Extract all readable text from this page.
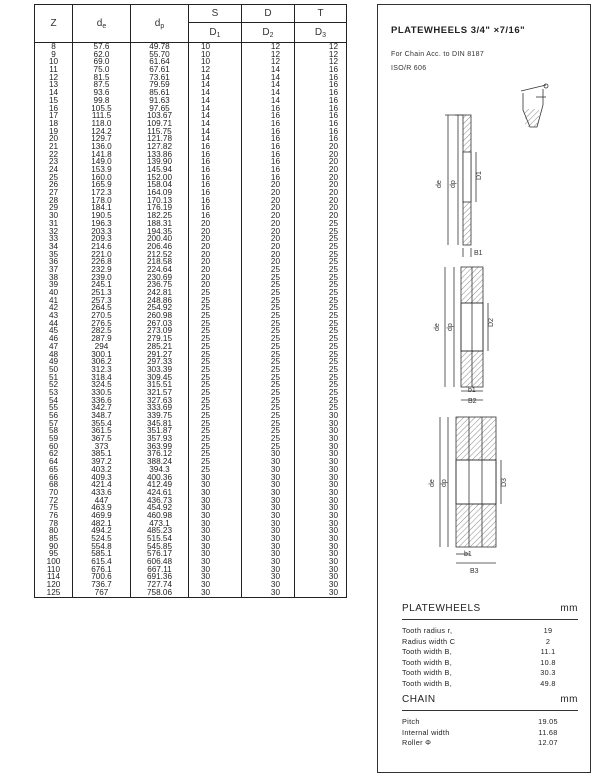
Z	$d_e$	$d_p$	S	D	T
			$D_1$	$D_2$	$D_3$
8	57.6	49.78	10	12	12
9	62.0	55.70	10	12	12
10	69.0	61.64	10	12	12
11	75.0	67.61	12	14	16
12	81.5	73.61	14	14	16
13	87.5	79.59	14	14	16
14	93.6	85.61	14	14	16
15	99.8	91.63	14	14	16
16	105.5	97.65	14	16	16
17	111.5	103.67	14	16	16
18	118.0	109.71	14	16	16
19	124.2	115.75	14	16	16
20	129.7	121.78	14	16	16
21	136.0	127.82	16	16	20
22	141.8	133.86	16	16	20
23	149.0	139.90	16	16	20
24	153.9	145.94	16	16	20
25	160.0	152.00	16	16	20
26	165.9	158.04	16	20	20
27	172.3	164.09	16	20	20
28	178.0	170.13	16	20	20
29	184.1	176.19	16	20	20
30	190.5	182.25	16	20	20
31	196.3	188.31	20	20	25
32	203.3	194.35	20	20	25
33	209.3	200.40	20	20	25
34	214.6	206.46	20	20	25
35	221.0	212.52	20	20	25
36	226.8	218.58	20	20	25
37	232.9	224.64	20	25	25
38	239.0	230.69	20	25	25
39	245.1	236.75	20	25	25
40	251.3	242.81	25	25	25
41	257.3	248.86	25	25	25
42	264.5	254.92	25	25	25
43	270.5	260.98	25	25	25
44	276.5	267.03	25	25	25
45	282.5	273.09	25	25	25
46	287.9	279.15	25	25	25
47	294	285.21	25	25	25
48	300.1	291.27	25	25	25
49	306.2	297.33	25	25	25
50	312.3	303.39	25	25	25
51	318.4	309.45	25	25	25
52	324.5	315.51	25	25	25
53	330.5	321.57	25	25	25
54	336.6	327.63	25	25	25
55	342.7	333.69	25	25	25
56	348.7	339.75	25	25	30
57	355.4	345.81	25	25	30
58	361.5	351.87	25	25	30
59	367.5	357.93	25	25	30
60	373	363.99	25	25	30
62	385.1	376.12	25	30	30
64	397.2	388.24	25	30	30
65	403.2	394.3	25	30	30
66	409.3	400.36	30	30	30
68	421.4	412.49	30	30	30
70	433.6	424.61	30	30	30
72	447	436.73	30	30	30
75	463.9	454.92	30	30	30
76	469.9	460.98	30	30	30
78	482.1	473.1	30	30	30
80	494.2	485.23	30	30	30
85	524.5	515.54	30	30	30
90	554.8	545.85	30	30	30
95	585.1	576.17	30	30	30
100	615.4	606.48	30	30	30
110	676.1	667.11	30	30	30
114	700.6	691.36	30	30	30
120	736.7	727.74	30	30	30
125	767	758.06	30	30	30
PLATEWHEELS 3/4" ×7/16"
For Chain Acc. to DIN 8187
ISO/R 606
de dp
D1
B1
de dp
D2
b1
B2
de dp	D3
b1
B3
PLATEWHEELS	mm
Tooth radius r,	19
Radius width C	2
Tooth width B,	11.1
Tooth width B,	10.8
Tooth width B,	30.3
Tooth width B,	49.8
CHAIN	mm
Pitch	19.05
Internal width	11.68
Roller Φ	12.07
